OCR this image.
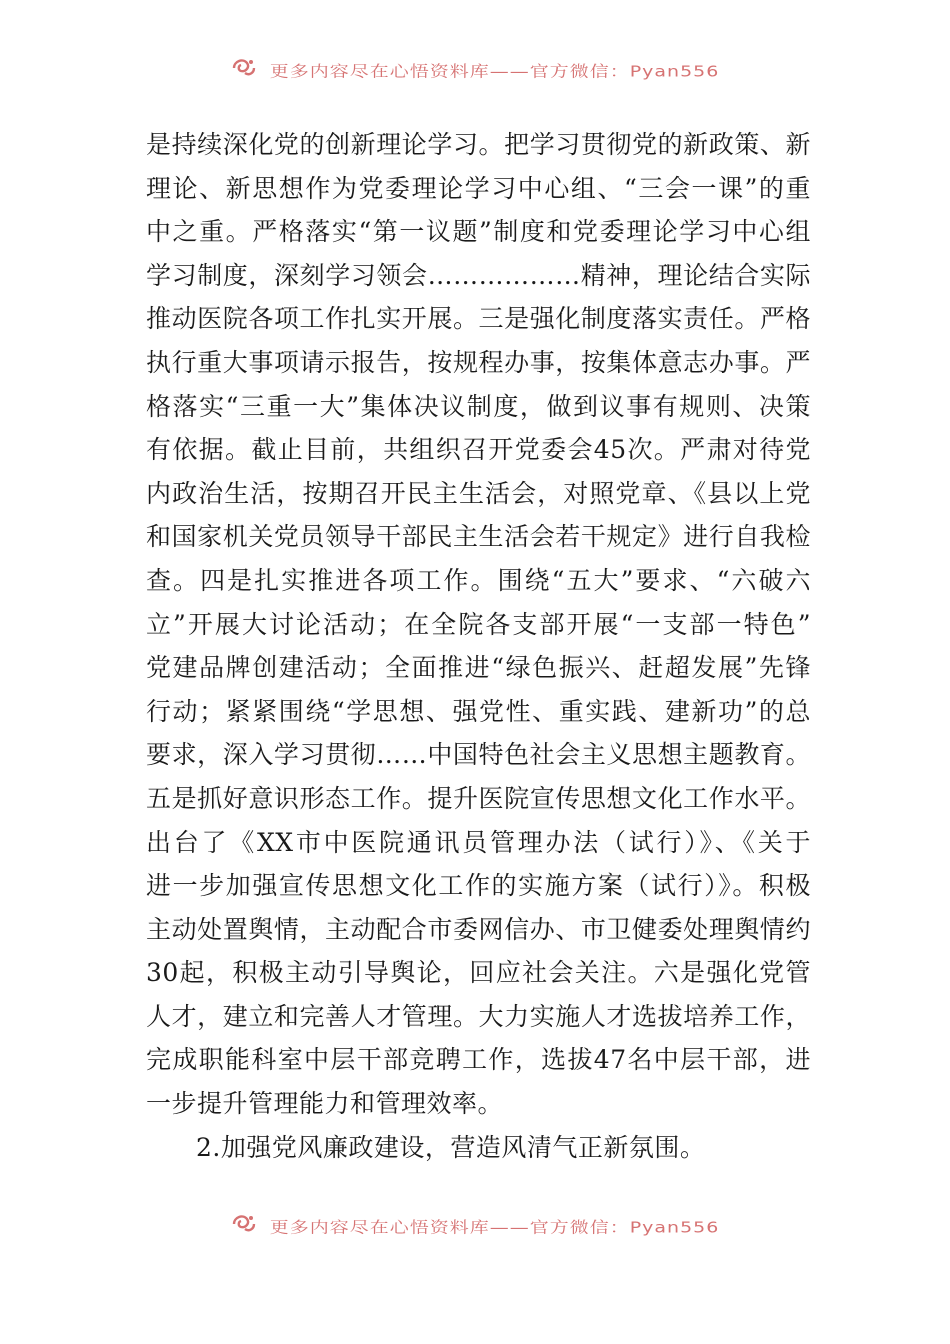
更多内容尽在心悟资料库——官方微信：Pyan556
是持续深化党的创新理论学习。把学习贯彻党的新政策、新
理论、新思想作为党委理论学习中心组、“三会一课”的重
中之重。严格落实“第一议题”制度和党委理论学习中心组
学习制度，深刻学习领会………………精神，理论结合实际
推动医院各项工作扎实开展。三是强化制度落实责任。严格
执行重大事项请示报告，按规程办事，按集体意志办事。严
格落实“三重一大”集体决议制度，做到议事有规则、决策
有依据。截止目前，共组织召开党委会45次。严肃对待党
内政治生活，按期召开民主生活会，对照党章、《县以上党
和国家机关党员领导干部民主生活会若干规定》进行自我检
查。四是扎实推进各项工作。围绕“五大”要求、“六破六
立”开展大讨论活动；在全院各支部开展“一支部一特色”
党建品牌创建活动；全面推进“绿色振兴、赶超发展”先锋
行动；紧紧围绕“学思想、强党性、重实践、建新功”的总
要求，深入学习贯彻……中国特色社会主义思想主题教育。
五是抓好意识形态工作。提升医院宣传思想文化工作水平。
出台了《XX市中医院通讯员管理办法（试行）》、《关于
进一步加强宣传思想文化工作的实施方案（试行）》。积极
主动处置舆情，主动配合市委网信办、市卫健委处理舆情约
30起，积极主动引导舆论，回应社会关注。六是强化党管
人才，建立和完善人才管理。大力实施人才选拔培养工作，
完成职能科室中层干部竞聘工作，选拔47名中层干部，进
一步提升管理能力和管理效率。
2.加强党风廉政建设，营造风清气正新氛围。
更多内容尽在心悟资料库——官方微信：Pyan556
